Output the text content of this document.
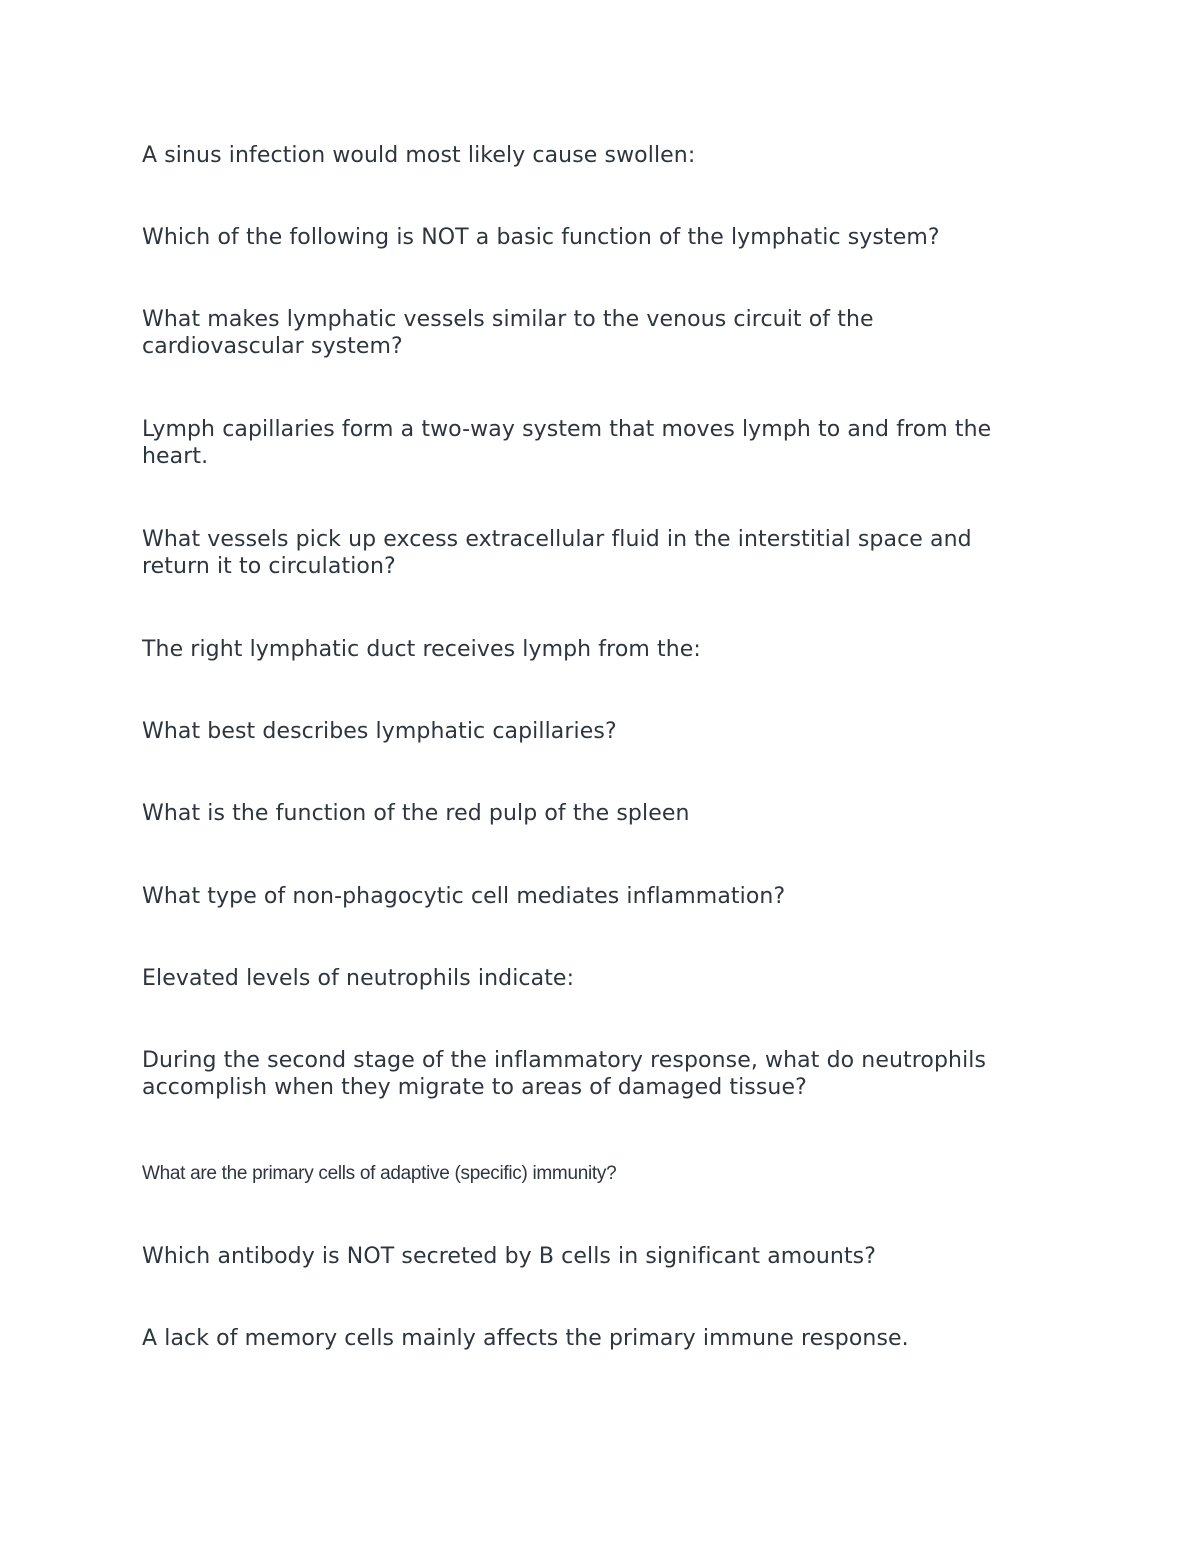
A sinus infection would most likely cause swollen:

Which of the following is NOT a basic function of the lymphatic system?

What makes lymphatic vessels similar to the venous circuit of the cardiovascular system?

Lymph capillaries form a two-way system that moves lymph to and from the heart.

What vessels pick up excess extracellular fluid in the interstitial space and return it to circulation?

The right lymphatic duct receives lymph from the:

What best describes lymphatic capillaries?

What is the function of the red pulp of the spleen

What type of non-phagocytic cell mediates inflammation?

Elevated levels of neutrophils indicate:

During the second stage of the inflammatory response, what do neutrophils accomplish when they migrate to areas of damaged tissue?

What are the primary cells of adaptive (specific) immunity?

Which antibody is NOT secreted by B cells in significant amounts?

A lack of memory cells mainly affects the primary immune response.
